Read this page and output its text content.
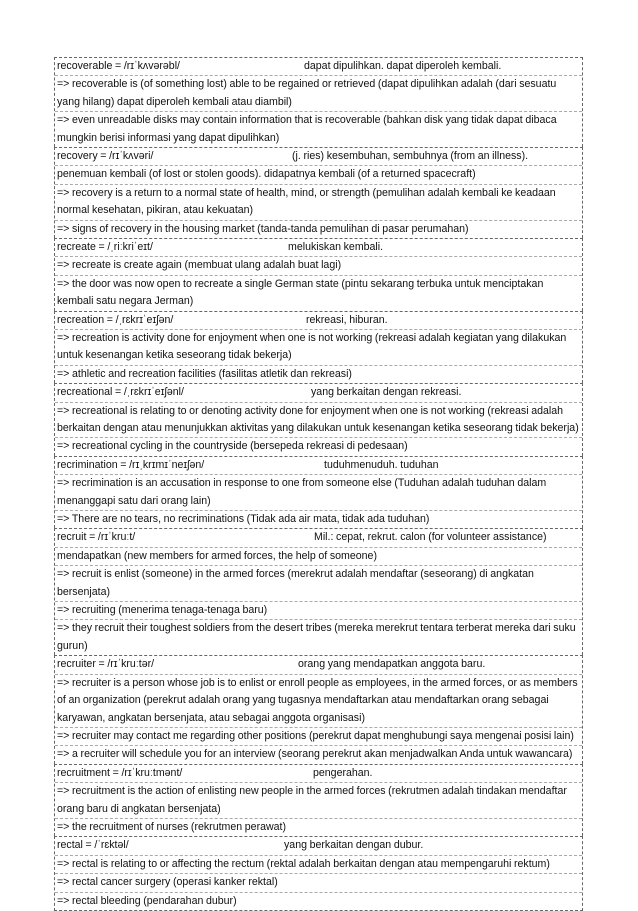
recoverable = /rɪˈkʌvərəbl/	dapat dipulihkan. dapat diperoleh kembali.
=> recoverable is (of something lost) able to be regained or retrieved (dapat dipulihkan adalah (dari sesuatu yang hilang) dapat diperoleh kembali atau diambil)
=> even unreadable disks may contain information that is recoverable (bahkan disk yang tidak dapat dibaca mungkin berisi informasi yang dapat dipulihkan)
recovery = /rɪˈkʌvəri/	(j. ries) kesembuhan, sembuhnya (from an illness).
penemuan kembali (of lost or stolen goods). didapatnya kembali (of a returned spacecraft)
=> recovery is a return to a normal state of health, mind, or strength (pemulihan adalah kembali ke keadaan normal kesehatan, pikiran, atau kekuatan)
=> signs of recovery in the housing market (tanda-tanda pemulihan di pasar perumahan)
recreate = /ˌriːkriˈeɪt/	melukiskan kembali.
=> recreate is create again (membuat ulang adalah buat lagi)
=> the door was now open to recreate a single German state (pintu sekarang terbuka untuk menciptakan kembali satu negara Jerman)
recreation = /ˌrɛkrɪˈeɪʃən/	rekreasi, hiburan.
=> recreation is activity done for enjoyment when one is not working (rekreasi adalah kegiatan yang dilakukan untuk kesenangan ketika seseorang tidak bekerja)
=> athletic and recreation facilities (fasilitas atletik dan rekreasi)
recreational = /ˌrɛkrɪˈeɪʃənl/	yang berkaitan dengan rekreasi.
=> recreational is relating to or denoting activity done for enjoyment when one is not working (rekreasi adalah berkaitan dengan atau menunjukkan aktivitas yang dilakukan untuk kesenangan ketika seseorang tidak bekerja)
=> recreational cycling in the countryside (bersepeda rekreasi di pedesaan)
recrimination = /rɪˌkrɪmɪˈneɪʃən/	tuduhmenuduh. tuduhan
=> recrimination is an accusation in response to one from someone else (Tuduhan adalah tuduhan dalam menanggapi satu dari orang lain)
=> There are no tears, no recriminations (Tidak ada air mata, tidak ada tuduhan)
recruit = /rɪˈkruːt/	Mil.: cepat, rekrut. calon (for volunteer assistance)
mendapatkan (new members for armed forces, the help of someone)
=> recruit is enlist (someone) in the armed forces (merekrut adalah mendaftar (seseorang) di angkatan bersenjata)
=> recruiting (menerima tenaga-tenaga baru)
=> they recruit their toughest soldiers from the desert tribes (mereka merekrut tentara terberat mereka dari suku gurun)
recruiter = /rɪˈkruːtər/	orang yang mendapatkan anggota baru.
=> recruiter is a person whose job is to enlist or enroll people as employees, in the armed forces, or as members of an organization (perekrut adalah orang yang tugasnya mendaftarkan atau mendaftarkan orang sebagai karyawan, angkatan bersenjata, atau sebagai anggota organisasi)
=> recruiter may contact me regarding other positions (perekrut dapat menghubungi saya mengenai posisi lain)
=> a recruiter will schedule you for an interview (seorang perekrut akan menjadwalkan Anda untuk wawancara)
recruitment = /rɪˈkruːtmənt/	pengerahan.
=> recruitment is the action of enlisting new people in the armed forces (rekrutmen adalah tindakan mendaftar orang baru di angkatan bersenjata)
=> the recruitment of nurses (rekrutmen perawat)
rectal = /ˈrɛktəl/	yang berkaitan dengan dubur.
=> rectal is relating to or affecting the rectum (rektal adalah berkaitan dengan atau mempengaruhi rektum)
=> rectal cancer surgery (operasi kanker rektal)
=> rectal bleeding (pendarahan dubur)
